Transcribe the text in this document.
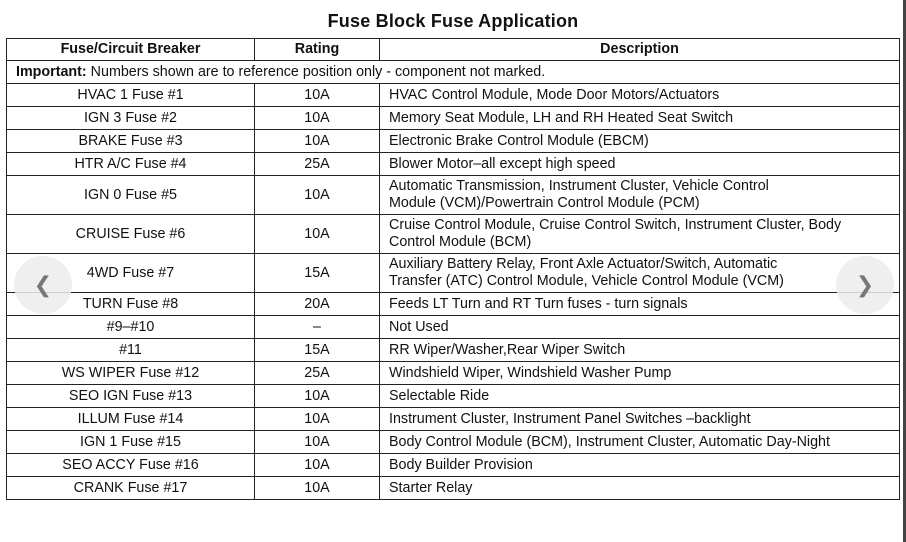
Fuse Block Fuse Application
Fuse/Circuit Breaker	Rating	Description
Important: Numbers shown are to reference position only - component not marked.		
HVAC 1 Fuse #1	10A	HVAC Control Module, Mode Door Motors/Actuators

IGN 3 Fuse #2	10A	Memory Seat Module, LH and RH Heated Seat Switch

BRAKE Fuse #3	10A	Electronic Brake Control Module (EBCM)

HTR A/C Fuse #4	25A	Blower Motor–all except high speed

IGN 0 Fuse #5	10A	Automatic Transmission, Instrument Cluster, Vehicle Control
Module (VCM)/Powertrain Control Module (PCM)

CRUISE Fuse #6	10A	Cruise Control Module, Cruise Control Switch, Instrument Cluster, Body
Control Module (BCM)

4WD Fuse #7	15A	Auxiliary Battery Relay, Front Axle Actuator/Switch, Automatic
Transfer (ATC) Control Module, Vehicle Control Module (VCM)

TURN Fuse #8	20A	Feeds LT Turn and RT Turn fuses - turn signals

#9–#10	–	Not Used

#11	15A	RR Wiper/Washer,Rear Wiper Switch

WS WIPER Fuse #12	25A	Windshield Wiper, Windshield Washer Pump

SEO IGN Fuse #13	10A	Selectable Ride

ILLUM Fuse #14	10A	Instrument Cluster, Instrument Panel Switches –backlight

IGN 1 Fuse #15	10A	Body Control Module (BCM), Instrument Cluster, Automatic Day-Night

SEO ACCY Fuse #16	10A	Body Builder Provision

CRANK Fuse #17	10A	Starter Relay
❮	❯
